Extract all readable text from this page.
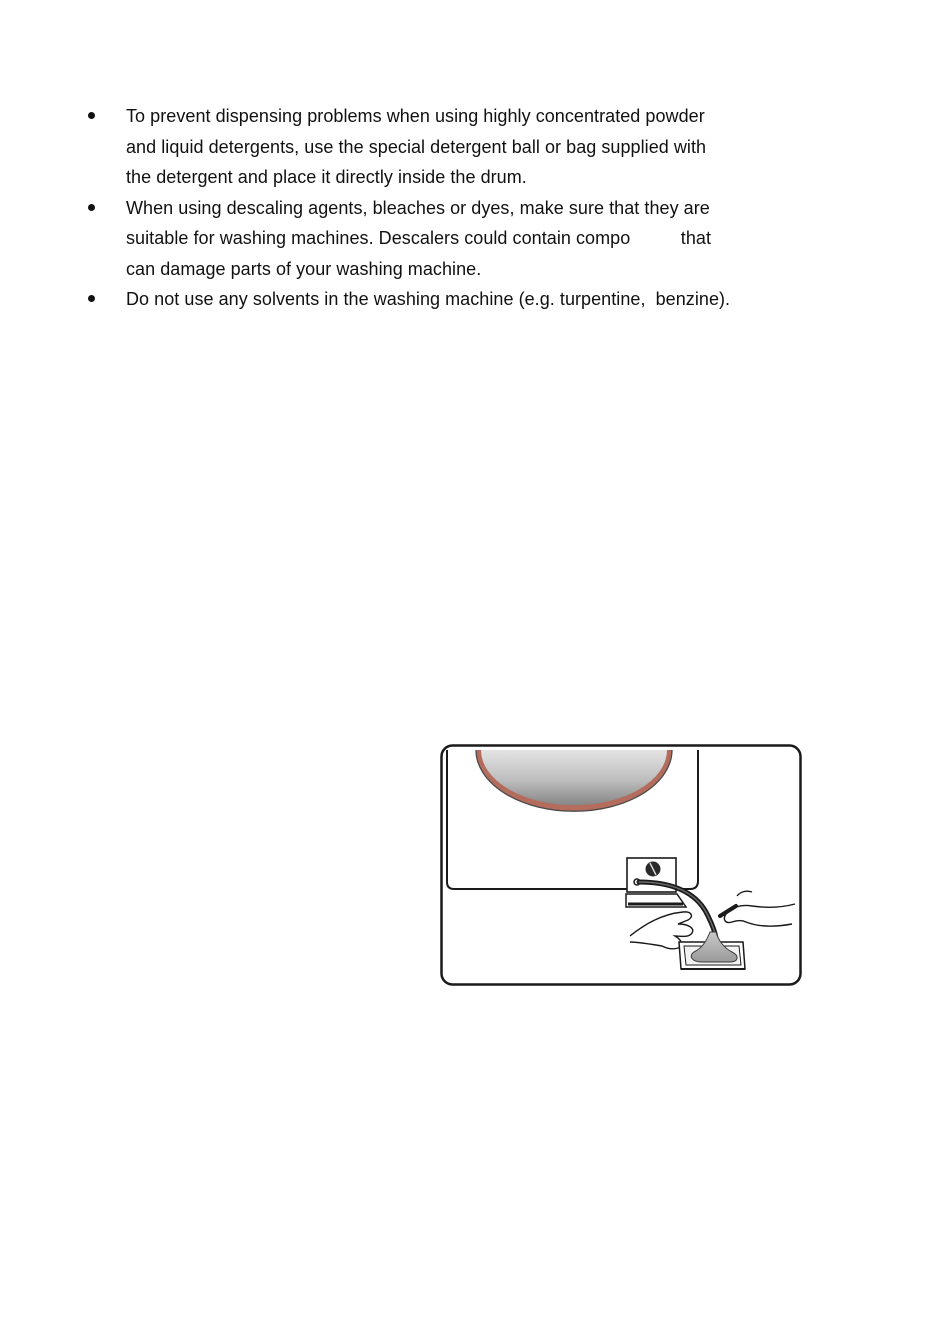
To prevent dispensing problems when using highly concentrated powder
and liquid detergents, use the special detergent ball or bag supplied with
the detergent and place it directly inside the drum.
When using descaling agents, bleaches or dyes, make sure that they are
suitable for washing machines. Descalers could contain compo          that
can damage parts of your washing machine.
Do not use any solvents in the washing machine (e.g. turpentine,  benzine).
